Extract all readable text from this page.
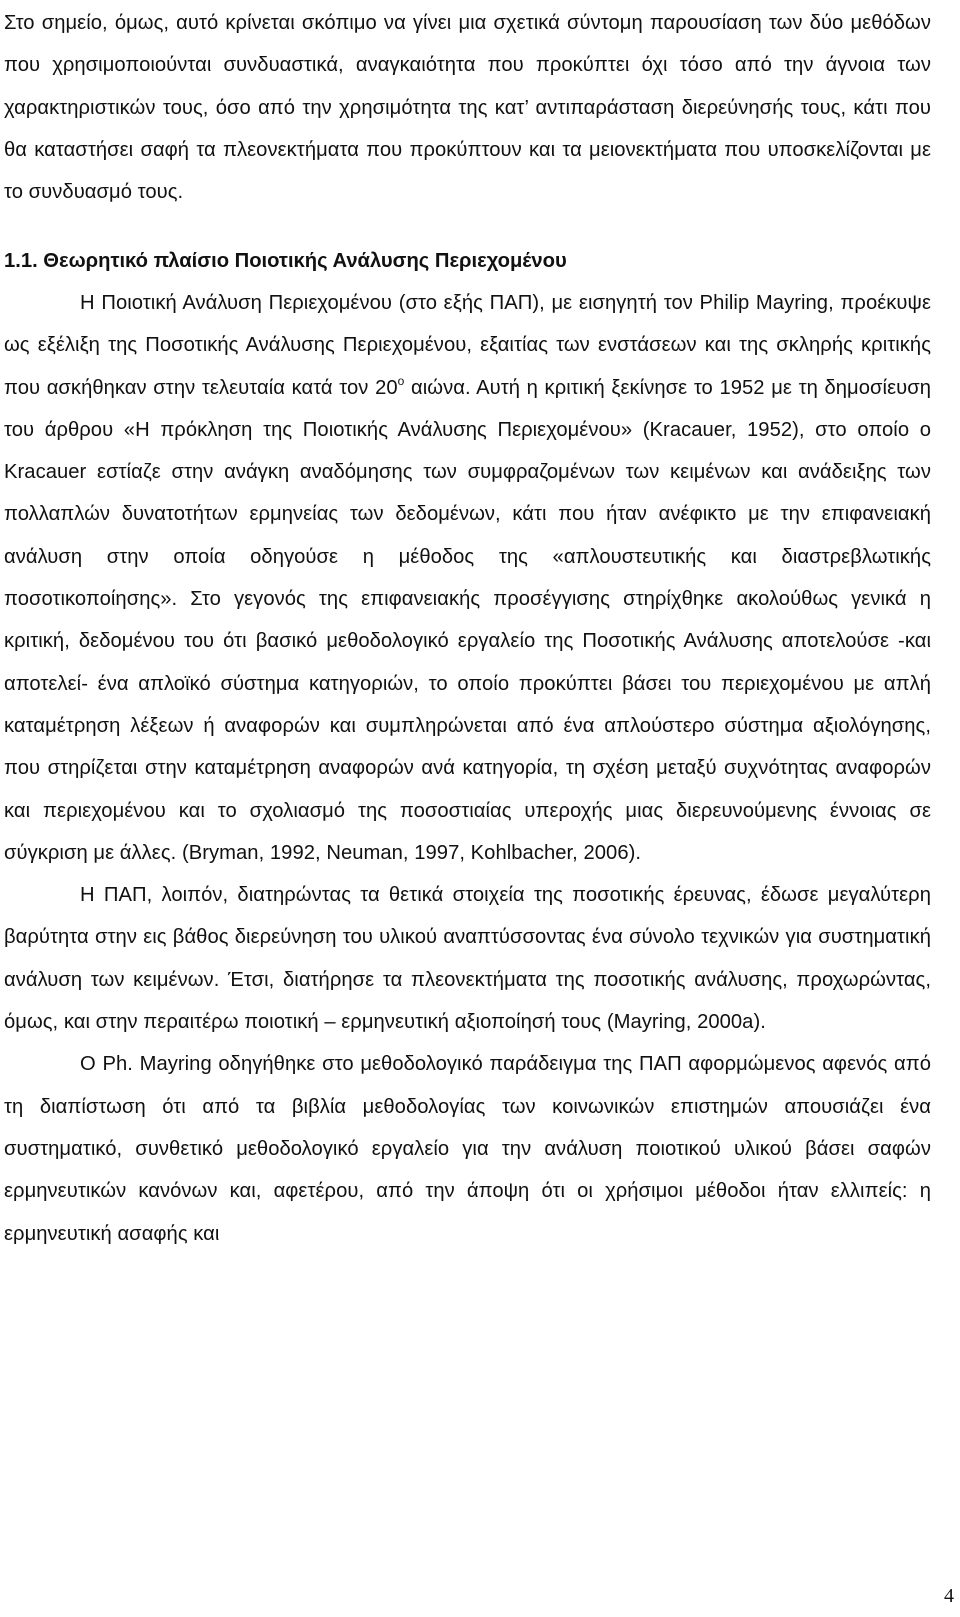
Στο σημείο, όμως, αυτό κρίνεται σκόπιμο να γίνει μια σχετικά σύντομη παρουσίαση των δύο μεθόδων που χρησιμοποιούνται συνδυαστικά, αναγκαιότητα που προκύπτει όχι τόσο από την άγνοια των χαρακτηριστικών τους, όσο από την χρησιμότητα της κατ’ αντιπαράσταση διερεύνησής τους, κάτι που θα καταστήσει σαφή τα πλεονεκτήματα που προκύπτουν και τα μειονεκτήματα που υποσκελίζονται με το συνδυασμό τους.

1.1. Θεωρητικό πλαίσιο Ποιοτικής Ανάλυσης Περιεχομένου

Η Ποιοτική Ανάλυση Περιεχομένου (στο εξής ΠΑΠ), με εισηγητή τον Philip Mayring, προέκυψε ως εξέλιξη της Ποσοτικής Ανάλυσης Περιεχομένου, εξαιτίας των ενστάσεων και της σκληρής κριτικής που ασκήθηκαν στην τελευταία κατά τον $20^o$ αιώνα. Αυτή η κριτική ξεκίνησε το 1952 με τη δημοσίευση του άρθρου «Η πρόκληση της Ποιοτικής Ανάλυσης Περιεχομένου» (Kracauer, 1952), στο οποίο ο Kracauer εστίαζε στην ανάγκη αναδόμησης των συμφραζομένων των κειμένων και ανάδειξης των πολλαπλών δυνατοτήτων ερμηνείας των δεδομένων, κάτι που ήταν ανέφικτο με την επιφανειακή ανάλυση στην οποία οδηγούσε η μέθοδος της «απλουστευτικής και διαστρεβλωτικής ποσοτικοποίησης». Στο γεγονός της επιφανειακής προσέγγισης στηρίχθηκε ακολούθως γενικά η κριτική, δεδομένου του ότι βασικό μεθοδολογικό εργαλείο της Ποσοτικής Ανάλυσης αποτελούσε -και αποτελεί- ένα απλοϊκό σύστημα κατηγοριών, το οποίο προκύπτει βάσει του περιεχομένου με απλή καταμέτρηση λέξεων ή αναφορών και συμπληρώνεται από ένα απλούστερο σύστημα αξιολόγησης, που στηρίζεται στην καταμέτρηση αναφορών ανά κατηγορία, τη σχέση μεταξύ συχνότητας αναφορών και περιεχομένου και το σχολιασμό της ποσοστιαίας υπεροχής μιας διερευνούμενης έννοιας σε σύγκριση με άλλες. (Bryman, 1992, Neuman, 1997, Kohlbacher, 2006).

Η ΠΑΠ, λοιπόν, διατηρώντας τα θετικά στοιχεία της ποσοτικής έρευνας, έδωσε μεγαλύτερη βαρύτητα στην εις βάθος διερεύνηση του υλικού αναπτύσσοντας ένα σύνολο τεχνικών για συστηματική ανάλυση των κειμένων. Έτσι, διατήρησε τα πλεονεκτήματα της ποσοτικής ανάλυσης, προχωρώντας, όμως, και στην περαιτέρω ποιοτική – ερμηνευτική αξιοποίησή τους (Mayring, 2000a).

Ο Ph. Mayring οδηγήθηκε στο μεθοδολογικό παράδειγμα της ΠΑΠ αφορμώμενος αφενός από τη διαπίστωση ότι από τα βιβλία μεθοδολογίας των κοινωνικών επιστημών απουσιάζει ένα συστηματικό, συνθετικό μεθοδολογικό εργαλείο για την ανάλυση ποιοτικού υλικού βάσει σαφών ερμηνευτικών κανόνων και, αφετέρου, από την άποψη ότι οι χρήσιμοι μέθοδοι ήταν ελλιπείς: η ερμηνευτική ασαφής και

4
